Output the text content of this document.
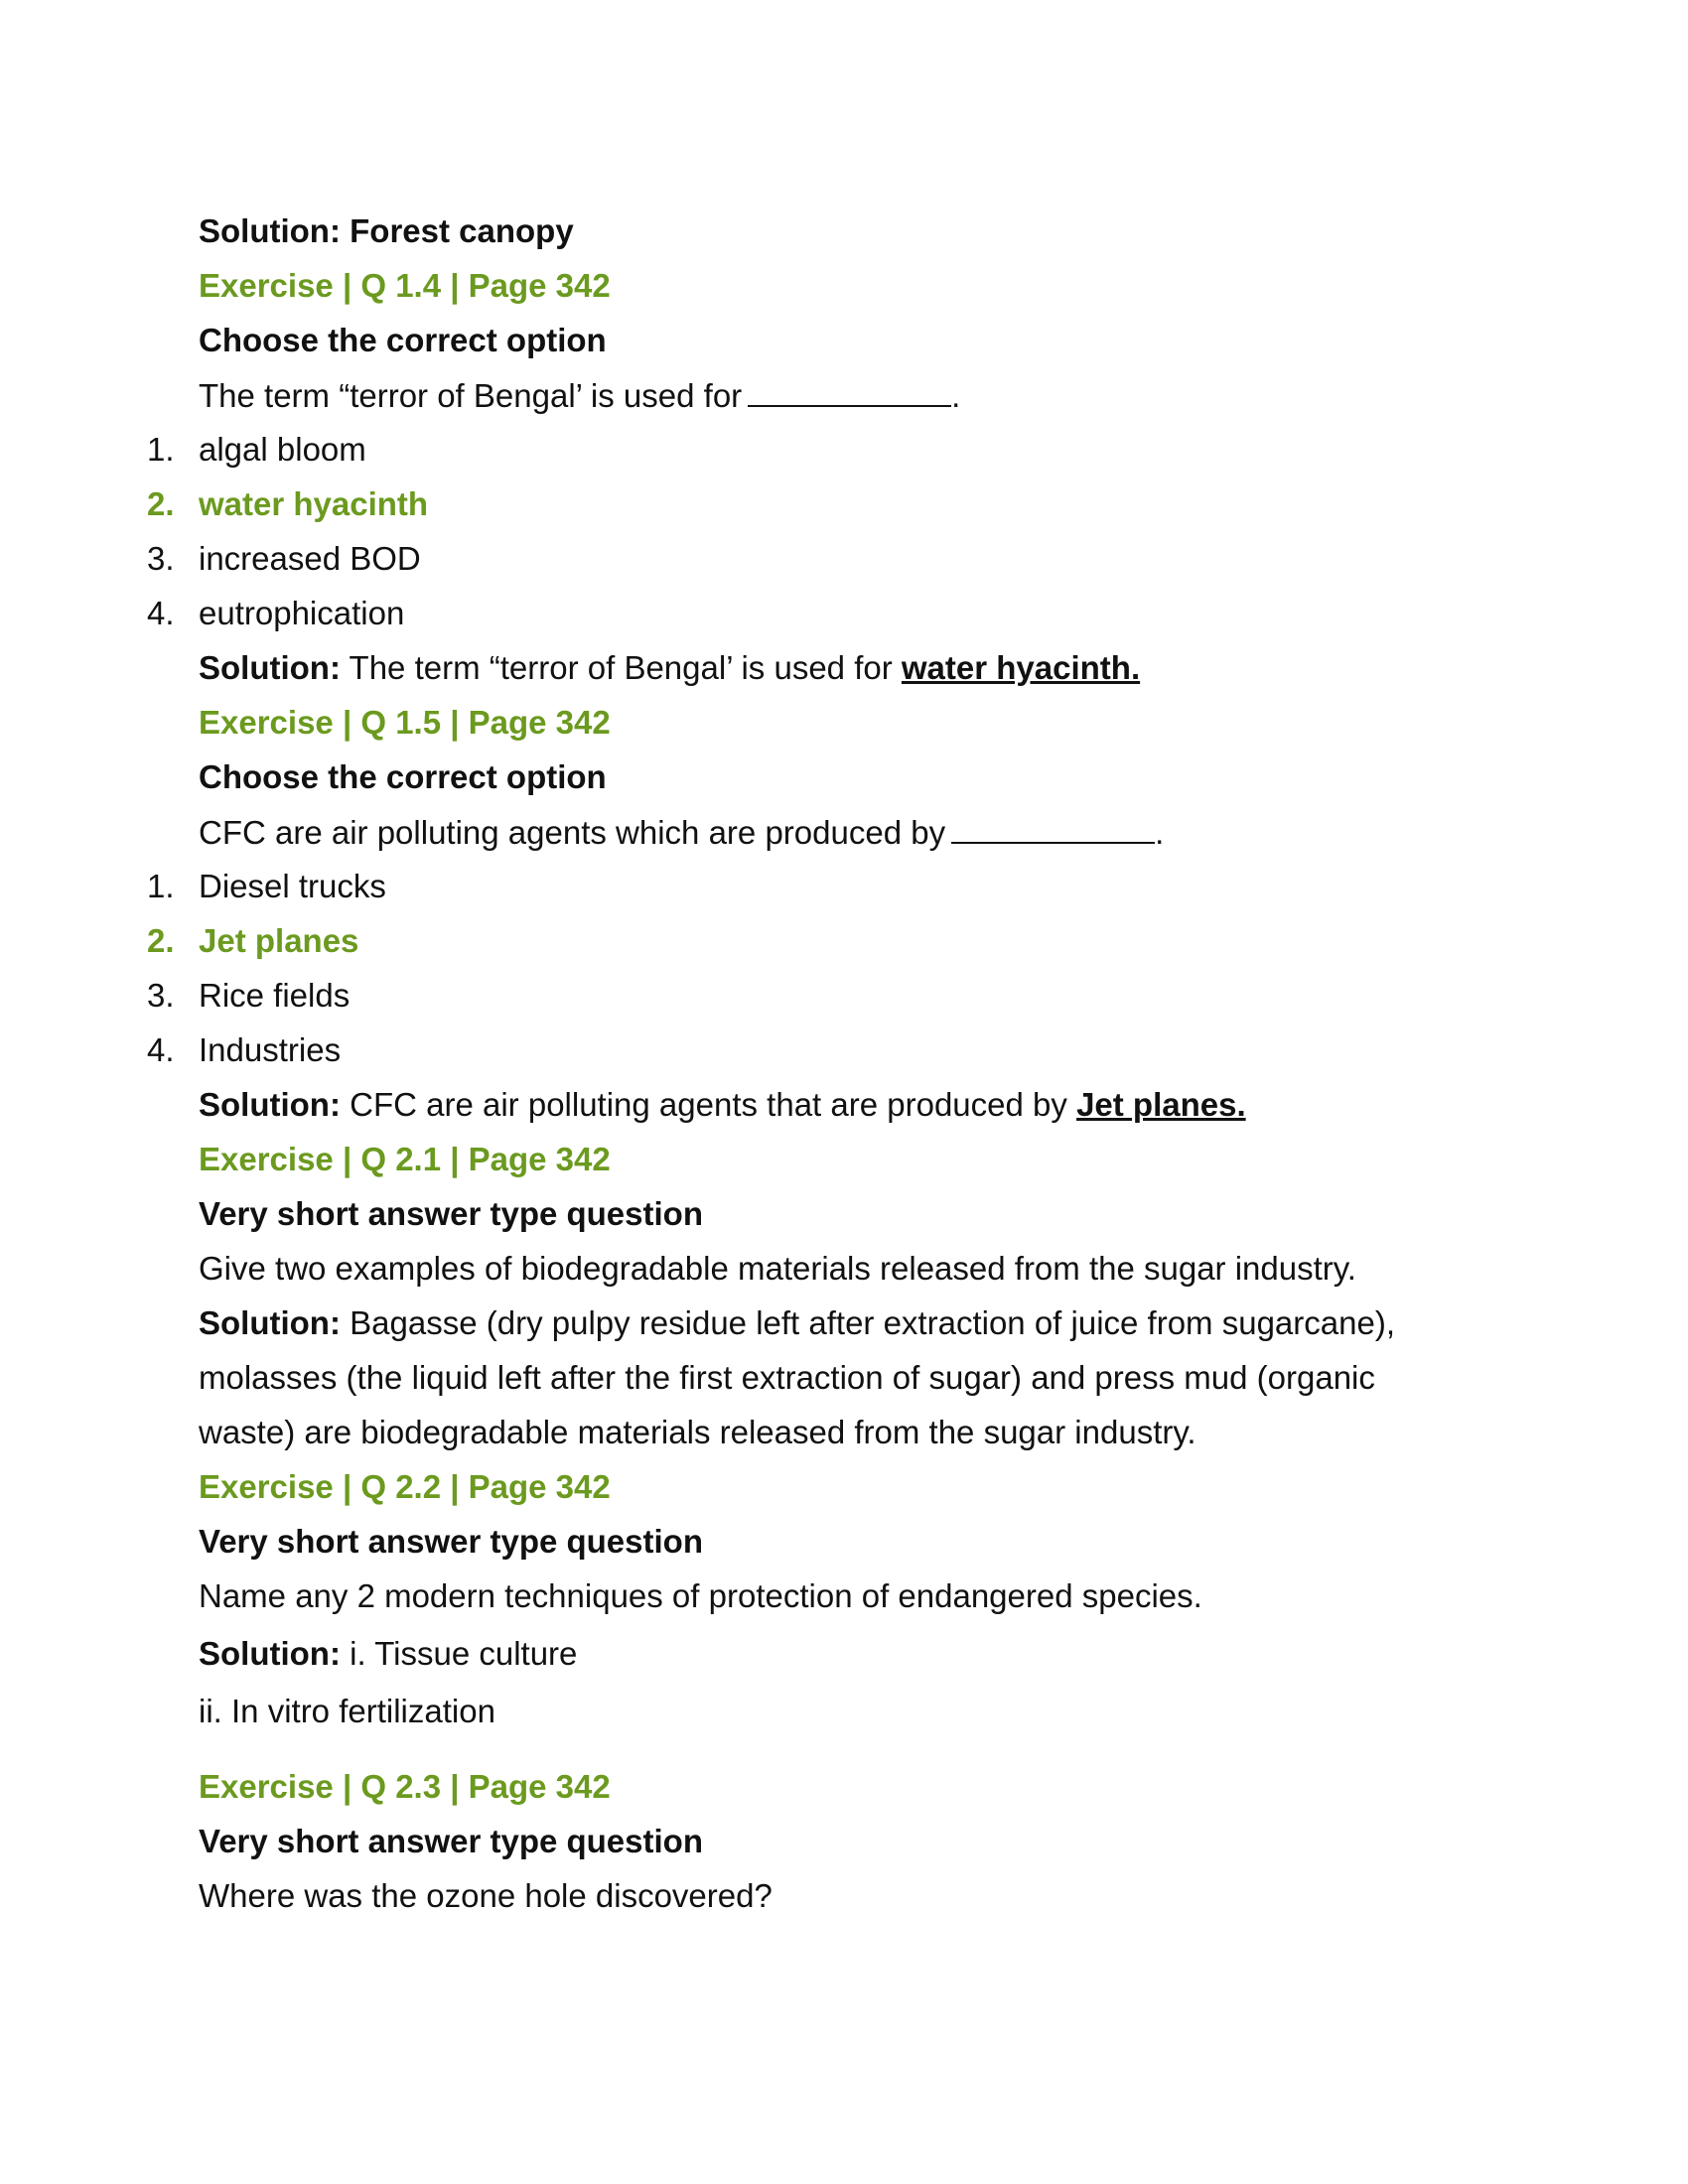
Solution: Forest canopy
Exercise | Q 1.4 | Page 342
Choose the correct option
The term “terror of Bengal’ is used for	.
1. algal bloom
2. water hyacinth
3. increased BOD
4. eutrophication
Solution: The term “terror of Bengal’ is used for water hyacinth.
Exercise | Q 1.5 | Page 342
Choose the correct option
CFC are air polluting agents which are produced by	.
1. Diesel trucks
2. Jet planes
3. Rice fields
4. Industries
Solution: CFC are air polluting agents that are produced by Jet planes.
Exercise | Q 2.1 | Page 342
Very short answer type question
Give two examples of biodegradable materials released from the sugar industry.
Solution: Bagasse (dry pulpy residue left after extraction of juice from sugarcane),
molasses (the liquid left after the first extraction of sugar) and press mud (organic
waste) are biodegradable materials released from the sugar industry.
Exercise | Q 2.2 | Page 342
Very short answer type question
Name any 2 modern techniques of protection of endangered species.
Solution: i. Tissue culture
ii. In vitro fertilization
Exercise | Q 2.3 | Page 342
Very short answer type question
Where was the ozone hole discovered?
